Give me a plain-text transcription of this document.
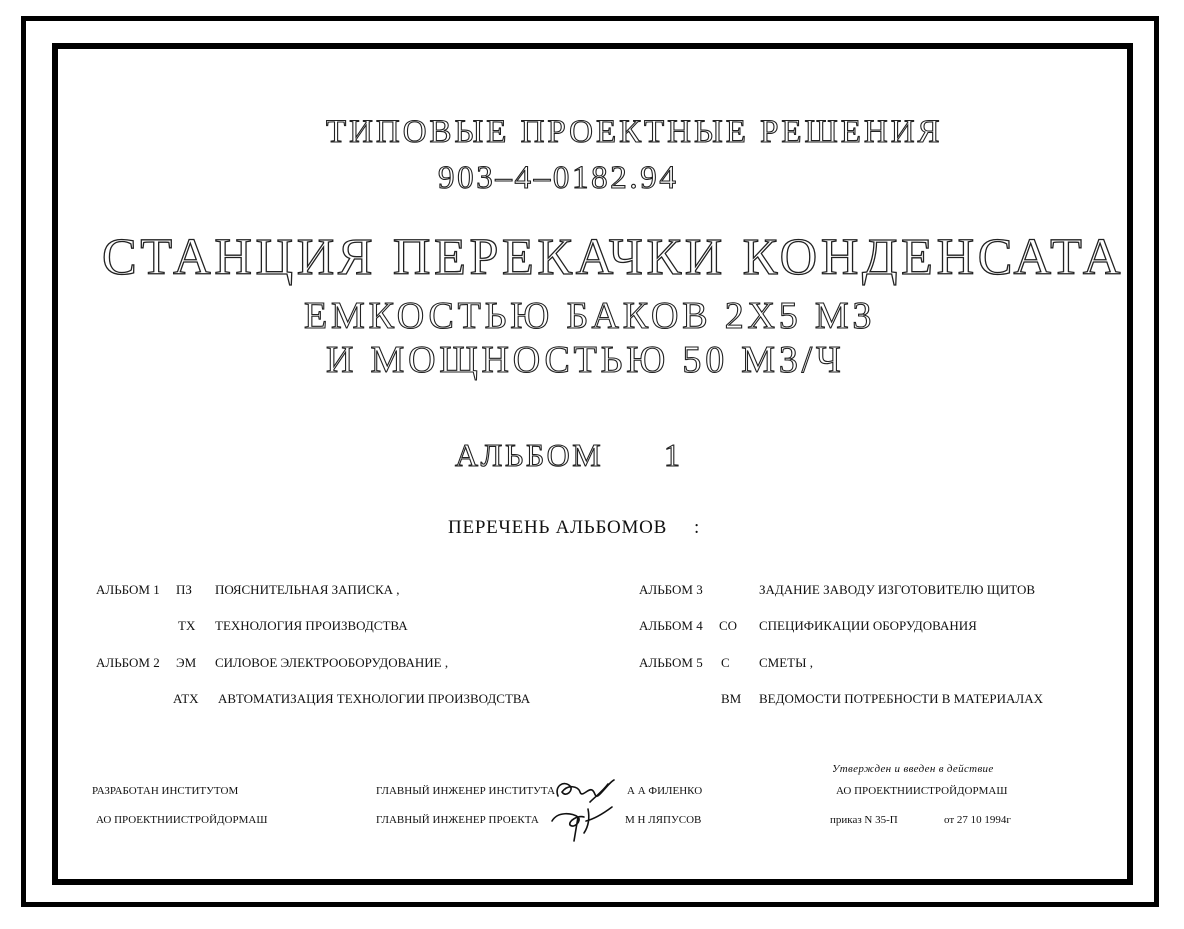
ТИПОВЫЕ ПРОЕКТНЫЕ РЕШЕНИЯ
903–4–0182.94
СТАНЦИЯ ПЕРЕКАЧКИ КОНДЕНСАТА
ЕМКОСТЬЮ БАКОВ 2Х5 М3
И МОЩНОСТЬЮ 50 М3/Ч
АЛЬБОМ 1
ПЕРЕЧЕНЬ АЛЬБОМОВ :
АЛЬБОМ 1 ПЗ ПОЯСНИТЕЛЬНАЯ ЗАПИСКА ,
ТХ ТЕХНОЛОГИЯ ПРОИЗВОДСТВА
АЛЬБОМ 2 ЭМ СИЛОВОЕ ЭЛЕКТРООБОРУДОВАНИЕ ,
АТХ АВТОМАТИЗАЦИЯ ТЕХНОЛОГИИ ПРОИЗВОДСТВА
АЛЬБОМ 3	ЗАДАНИЕ ЗАВОДУ ИЗГОТОВИТЕЛЮ ЩИТОВ
АЛЬБОМ 4 СО СПЕЦИФИКАЦИИ ОБОРУДОВАНИЯ
АЛЬБОМ 5 С СМЕТЫ ,
ВМ ВЕДОМОСТИ ПОТРЕБНОСТИ В МАТЕРИАЛАХ
РАЗРАБОТАН ИНСТИТУТОМ
АО ПРОЕКТНИИСТРОЙДОРМАШ
ГЛАВНЫЙ ИНЖЕНЕР ИНСТИТУТА
ГЛАВНЫЙ ИНЖЕНЕР ПРОЕКТА
А А ФИЛЕНКО
М Н ЛЯПУСОВ
Утвержден и введен в действие
АО ПРОЕКТНИИСТРОЙДОРМАШ
приказ N 35-П	от 27 10 1994г
